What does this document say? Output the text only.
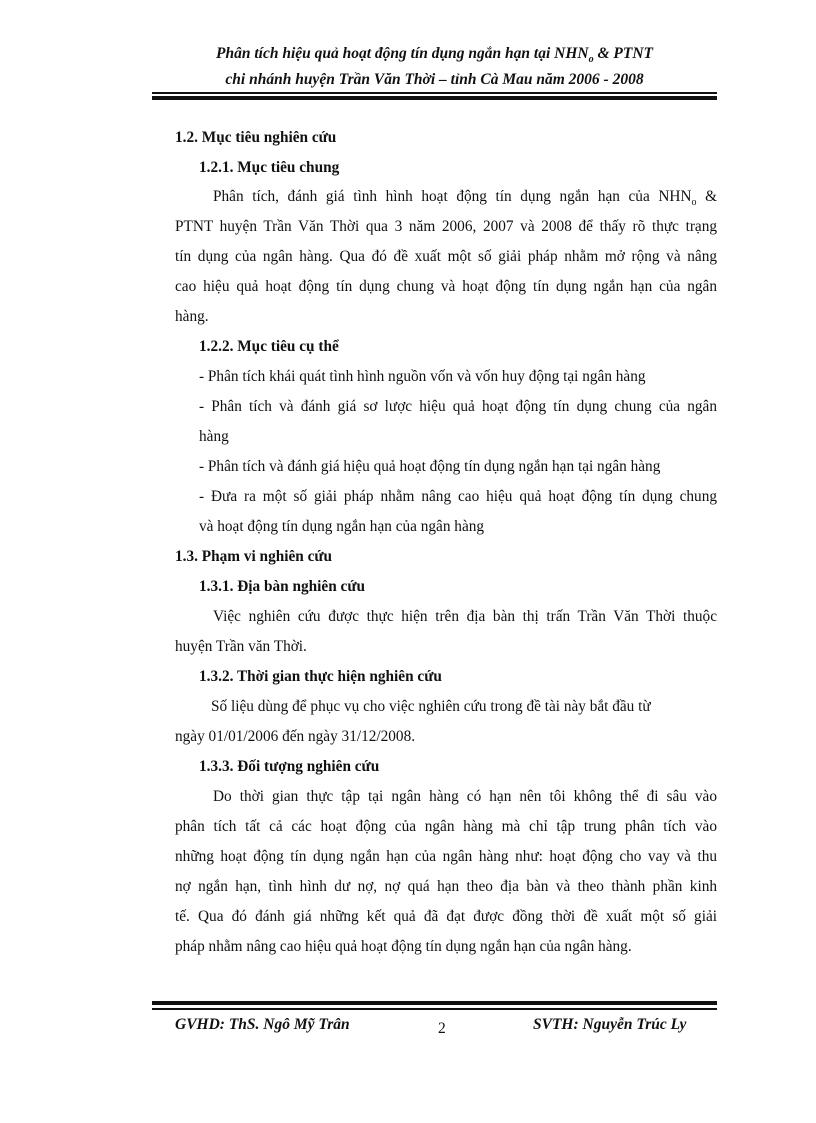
Phân tích hiệu quả hoạt động tín dụng ngắn hạn tại $NHN_o$ & PTNT
chi nhánh huyện Trần Văn Thời – tỉnh Cà Mau năm 2006 - 2008
1.2. Mục tiêu nghiên cứu
1.2.1. Mục tiêu chung
Phân tích, đánh giá tình hình hoạt động tín dụng ngắn hạn của $NHN_o$ &
PTNT huyện Trần Văn Thời qua 3 năm 2006, 2007 và 2008 để thấy rõ thực trạng
tín dụng của ngân hàng. Qua đó đề xuất một số giải pháp nhằm mở rộng và nâng
cao hiệu quả hoạt động tín dụng chung và hoạt động tín dụng ngắn hạn của ngân
hàng.
1.2.2. Mục tiêu cụ thể
- Phân tích khái quát tình hình nguồn vốn và vốn huy động tại ngân hàng
- Phân tích và đánh giá sơ lược hiệu quả hoạt động tín dụng chung của ngân
hàng
- Phân tích và đánh giá hiệu quả hoạt động tín dụng ngắn hạn tại ngân hàng
- Đưa ra một số giải pháp nhằm nâng cao hiệu quả hoạt động tín dụng chung
và hoạt động tín dụng ngắn hạn của ngân hàng
1.3. Phạm vi nghiên cứu
1.3.1. Địa bàn nghiên cứu
Việc nghiên cứu được thực hiện trên địa bàn thị trấn Trần Văn Thời thuộc
huyện Trần văn Thời.
1.3.2. Thời gian thực hiện nghiên cứu
Số liệu dùng để phục vụ cho việc nghiên cứu trong đề tài này bắt đầu từ
ngày 01/01/2006 đến ngày 31/12/2008.
1.3.3. Đối tượng nghiên cứu
Do thời gian thực tập tại ngân hàng có hạn nên tôi không thể đi sâu vào
phân tích tất cả các hoạt động của ngân hàng mà chỉ tập trung phân tích vào
những hoạt động tín dụng ngắn hạn của ngân hàng như: hoạt động cho vay và thu
nợ ngắn hạn, tình hình dư nợ, nợ quá hạn theo địa bàn và theo thành phần kinh
tế. Qua đó đánh giá những kết quả đã đạt được đồng thời đề xuất một số giải
pháp nhằm nâng cao hiệu quả hoạt động tín dụng ngắn hạn của ngân hàng.
GVHD: ThS. Ngô Mỹ Trân	2	SVTH: Nguyễn Trúc Ly
